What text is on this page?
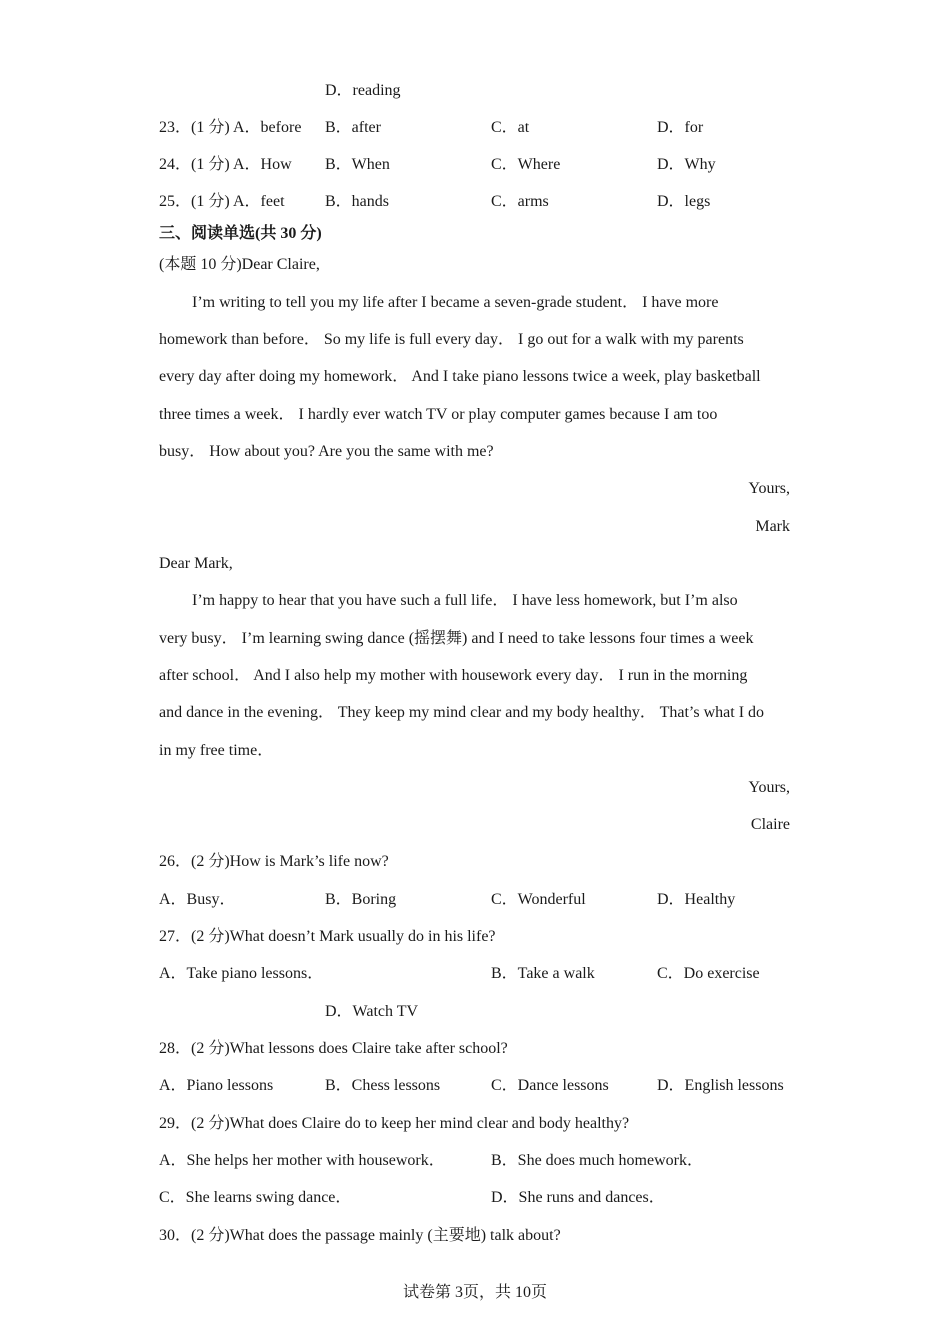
D．reading
23．(1 分) A．before B．after	C．at	D．for
24．(1 分) A．How B．When	C．Where	D．Why
25．(1 分) A．feet	B．hands	C．arms	D．legs
三、阅读单选(共 30 分)
(本题 10 分)Dear Claire,
I’m writing to tell you my life after I became a seven-grade student． I have more
homework than before． So my life is full every day． I go out for a walk with my parents
every day after doing my homework． And I take piano lessons twice a week, play basketball
three times a week． I hardly ever watch TV or play computer games because I am too
busy． How about you? Are you the same with me?
Yours,
Mark
Dear Mark,
I’m happy to hear that you have such a full life． I have less homework, but I’m also
very busy． I’m learning swing dance (摇摆舞) and I need to take lessons four times a week
after school． And I also help my mother with housework every day． I run in the morning
and dance in the evening． They keep my mind clear and my body healthy． That’s what I do
in my free time．
Yours,
Claire
26．(2 分)How is Mark’s life now?
A．Busy．	B．Boring	C．Wonderful	D．Healthy
27．(2 分)What doesn’t Mark usually do in his life?
A．Take piano lessons．	B．Take a walk	C．Do exercise
D．Watch TV
28．(2 分)What lessons does Claire take after school?
A．Piano lessons	B．Chess lessons	C．Dance lessons	D．English lessons
29．(2 分)What does Claire do to keep her mind clear and body healthy?
A．She helps her mother with housework．	B．She does much homework．
C．She learns swing dance．	D．She runs and dances．
30．(2 分)What does the passage mainly (主要地) talk about?
试卷第 3页，共 10页
